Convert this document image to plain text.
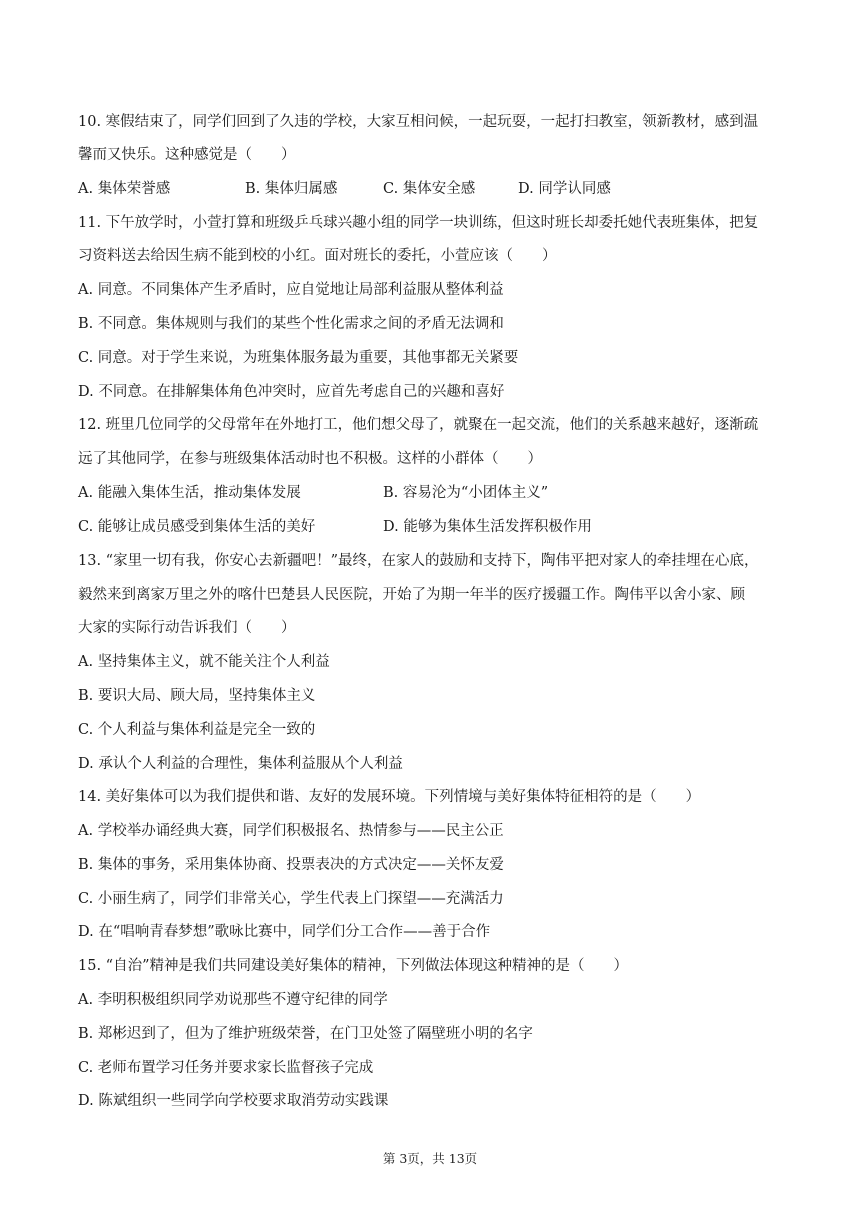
10. 寒假结束了，同学们回到了久违的学校，大家互相问候，一起玩耍，一起打扫教室，领新教材，感到温
馨而又快乐。这种感觉是（　　）
A. 集体荣誉感	B. 集体归属感	C. 集体安全感	D. 同学认同感
11. 下午放学时，小萱打算和班级乒乓球兴趣小组的同学一块训练，但这时班长却委托她代表班集体，把复
习资料送去给因生病不能到校的小红。面对班长的委托，小萱应该（　　）
A. 同意。不同集体产生矛盾时，应自觉地让局部利益服从整体利益
B. 不同意。集体规则与我们的某些个性化需求之间的矛盾无法调和
C. 同意。对于学生来说，为班集体服务最为重要，其他事都无关紧要
D. 不同意。在排解集体角色冲突时，应首先考虑自己的兴趣和喜好
12. 班里几位同学的父母常年在外地打工，他们想父母了，就聚在一起交流，他们的关系越来越好，逐渐疏
远了其他同学，在参与班级集体活动时也不积极。这样的小群体（　　）
A. 能融入集体生活，推动集体发展	B. 容易沦为“小团体主义”
C. 能够让成员感受到集体生活的美好	D. 能够为集体生活发挥积极作用
13. “家里一切有我，你安心去新疆吧！”最终，在家人的鼓励和支持下，陶伟平把对家人的牵挂埋在心底，
毅然来到离家万里之外的喀什巴楚县人民医院，开始了为期一年半的医疗援疆工作。陶伟平以舍小家、顾
大家的实际行动告诉我们（　　）
A. 坚持集体主义，就不能关注个人利益
B. 要识大局、顾大局，坚持集体主义
C. 个人利益与集体利益是完全一致的
D. 承认个人利益的合理性，集体利益服从个人利益
14. 美好集体可以为我们提供和谐、友好的发展环境。下列情境与美好集体特征相符的是（　　）
A. 学校举办诵经典大赛，同学们积极报名、热情参与——民主公正
B. 集体的事务，采用集体协商、投票表决的方式决定——关怀友爱
C. 小丽生病了，同学们非常关心，学生代表上门探望——充满活力
D. 在“唱响青春梦想”歌咏比赛中，同学们分工合作——善于合作
15. “自治”精神是我们共同建设美好集体的精神，下列做法体现这种精神的是（　　）
A. 李明积极组织同学劝说那些不遵守纪律的同学
B. 郑彬迟到了，但为了维护班级荣誉，在门卫处签了隔壁班小明的名字
C. 老师布置学习任务并要求家长监督孩子完成
D. 陈斌组织一些同学向学校要求取消劳动实践课
第 3页，共 13页
